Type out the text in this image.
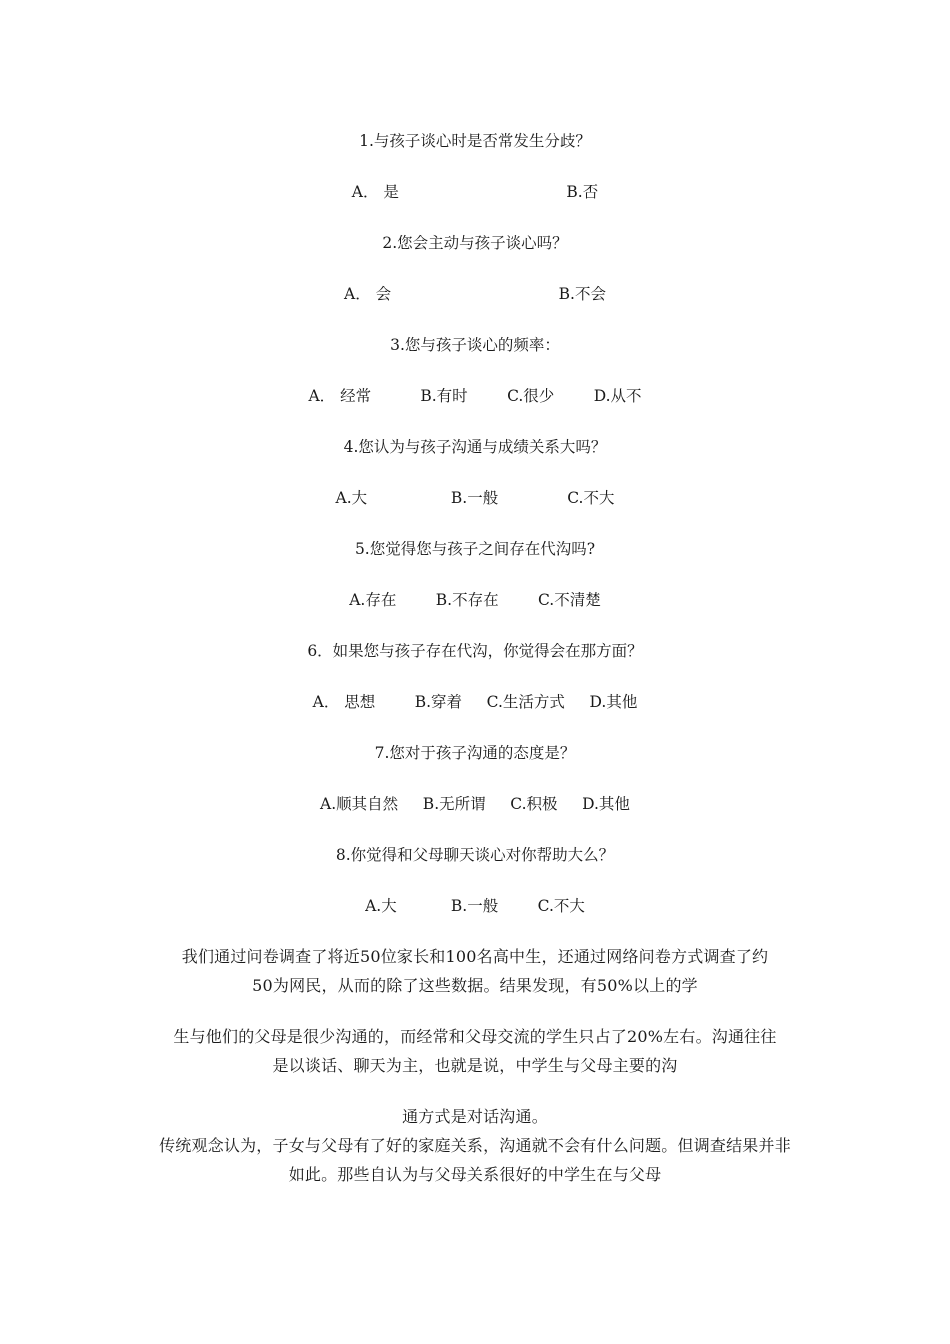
1.与孩子谈心时是否常发生分歧？
A． 是                                  B.否
2.您会主动与孩子谈心吗？
A． 会                                  B.不会
3.您与孩子谈心的频率：
A． 经常          B.有时        C.很少        D.从不
4.您认为与孩子沟通与成绩关系大吗？
A.大                 B.一般              C.不大
5.您觉得您与孩子之间存在代沟吗?
A.存在        B.不存在        C.不清楚
6．如果您与孩子存在代沟，你觉得会在那方面？
A． 思想        B.穿着     C.生活方式     D.其他
7.您对于孩子沟通的态度是？
A.顺其自然     B.无所谓     C.积极     D.其他
8.你觉得和父母聊天谈心对你帮助大么？
A.大           B.一般        C.不大
我们通过问卷调查了将近50位家长和100名高中生，还通过网络问卷方式调查了约
50为网民，从而的除了这些数据。结果发现，有50%以上的学
生与他们的父母是很少沟通的，而经常和父母交流的学生只占了20%左右。沟通往往
是以谈话、聊天为主，也就是说，中学生与父母主要的沟
通方式是对话沟通。
传统观念认为，子女与父母有了好的家庭关系，沟通就不会有什么问题。但调查结果并非
如此。那些自认为与父母关系很好的中学生在与父母
